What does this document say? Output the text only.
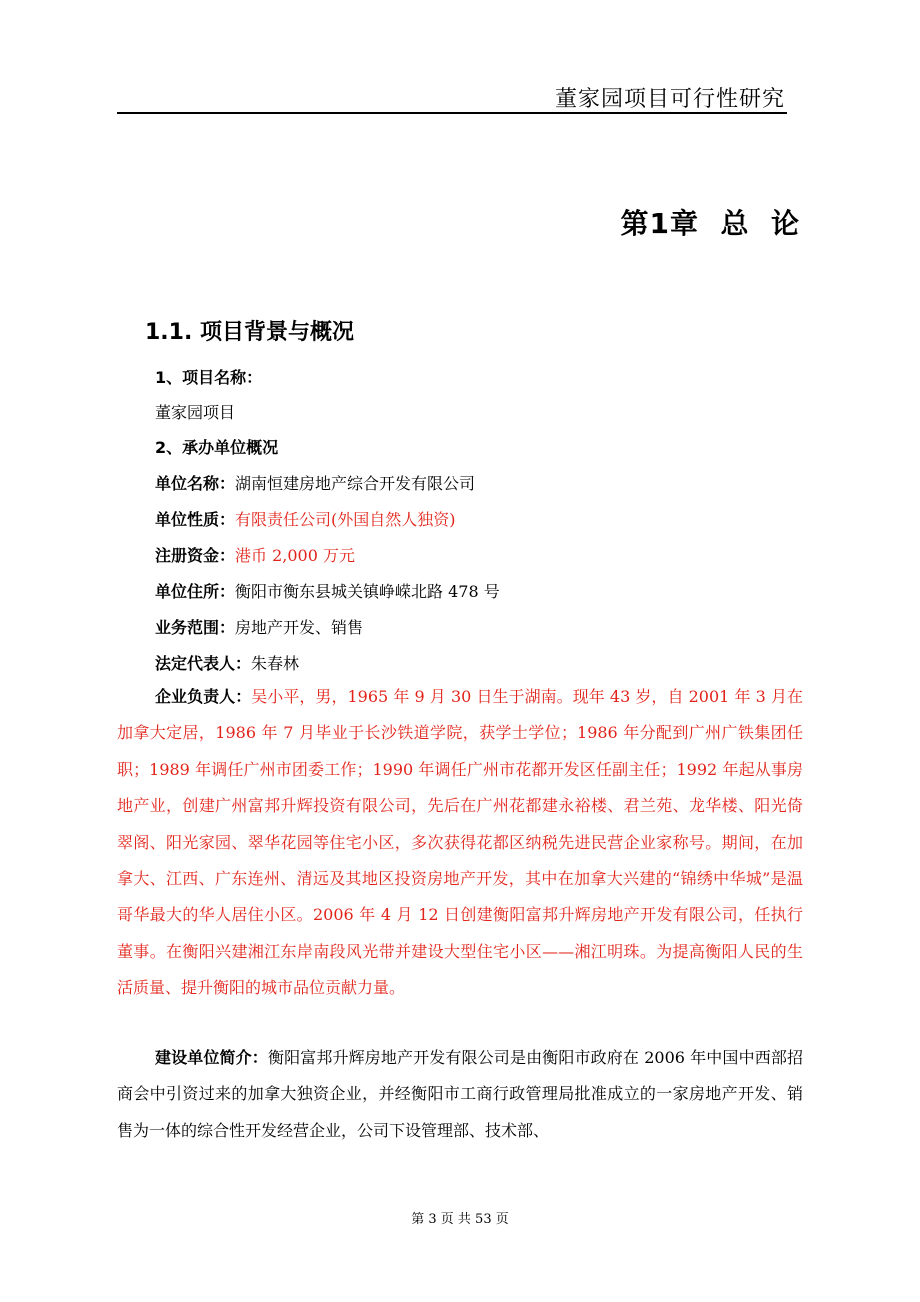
董家园项目可行性研究
第1章  总  论
1.1. 项目背景与概况
1、项目名称：
董家园项目
2、承办单位概况
单位名称：湖南恒建房地产综合开发有限公司
单位性质：有限责任公司(外国自然人独资)
注册资金：港币 2,000 万元
单位住所：衡阳市衡东县城关镇峥嵘北路 478 号
业务范围：房地产开发、销售
法定代表人：朱春林

企业负责人：吴小平，男，1965 年 9 月 30 日生于湖南。现年 43 岁，自 2001 年 3 月在加拿大定居，1986 年 7 月毕业于长沙铁道学院，获学士学位；1986 年分配到广州广铁集团任职；1989 年调任广州市团委工作；1990 年调任广州市花都开发区任副主任；1992 年起从事房地产业，创建广州富邦升辉投资有限公司，先后在广州花都建永裕楼、君兰苑、龙华楼、阳光倚翠阁、阳光家园、翠华花园等住宅小区，多次获得花都区纳税先进民营企业家称号。期间，在加拿大、江西、广东连州、清远及其地区投资房地产开发，其中在加拿大兴建的“锦绣中华城”是温哥华最大的华人居住小区。2006 年 4 月 12 日创建衡阳富邦升辉房地产开发有限公司，任执行董事。在衡阳兴建湘江东岸南段风光带并建设大型住宅小区——湘江明珠。为提高衡阳人民的生活质量、提升衡阳的城市品位贡献力量。

建设单位简介：衡阳富邦升辉房地产开发有限公司是由衡阳市政府在 2006 年中国中西部招商会中引资过来的加拿大独资企业，并经衡阳市工商行政管理局批准成立的一家房地产开发、销售为一体的综合性开发经营企业，公司下设管理部、技术部、

第 3 页 共 53 页
